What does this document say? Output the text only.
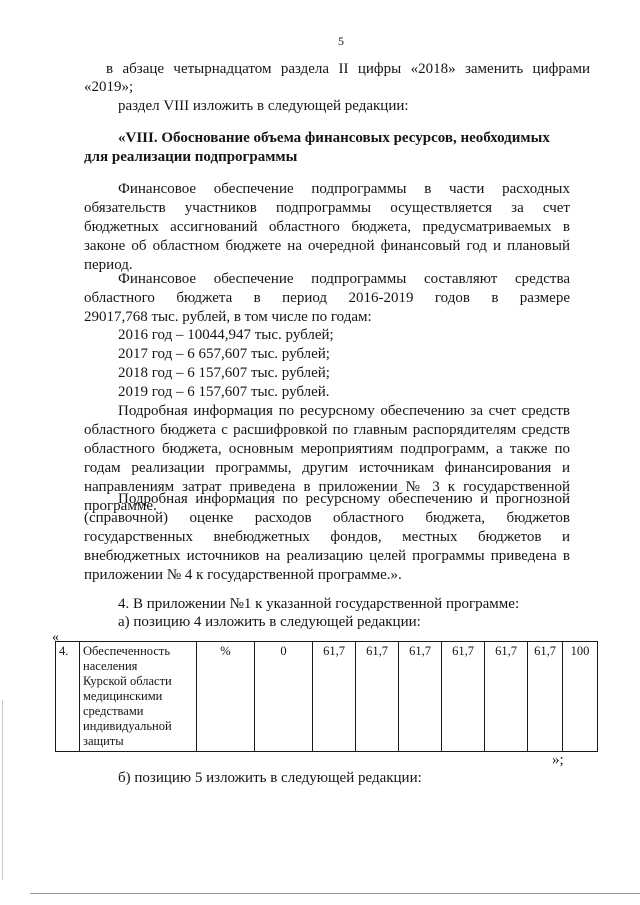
5

в абзаце четырнадцатом раздела II цифры «2018» заменить цифрами

«2019»;

раздел VIII изложить в следующей редакции:

«VIII. Обоснование объема финансовых ресурсов, необходимых

для реализации подпрограммы

Финансовое обеспечение подпрограммы в части расходных

обязательств участников подпрограммы осуществляется за счет

бюджетных ассигнований областного бюджета, предусматриваемых в

законе об областном бюджете на очередной финансовый год и плановый

период.

Финансовое обеспечение подпрограммы составляют средства

областного бюджета в период 2016-2019 годов в размере

29017,768 тыс. рублей, в том числе по годам:

2016 год – 10044,947 тыс. рублей;

2017 год – 6 657,607 тыс. рублей;

2018 год – 6 157,607 тыс. рублей;

2019 год – 6 157,607 тыс. рублей.

Подробная информация по ресурсному обеспечению за счет средств

областного бюджета с расшифровкой по главным распорядителям средств

областного бюджета, основным мероприятиям подпрограмм, а также по

годам реализации программы, другим источникам финансирования и

направлениям затрат приведена в приложении № 3 к государственной

программе.

Подробная информация по ресурсному обеспечению и прогнозной

(справочной) оценке расходов областного бюджета, бюджетов

государственных внебюджетных фондов, местных бюджетов и

внебюджетных источников на реализацию целей программы приведена в

приложении № 4 к государственной программе.».

4. В приложении №1 к указанной государственной программе:

а) позицию 4 изложить в следующей редакции:

«

4.	Обеспеченность
населения
Курской области
медицинскими
средствами
индивидуальной
защиты
	%	0	61,7	61,7	61,7	61,7	61,7	61,7	100

»;

б) позицию 5 изложить в следующей редакции:
